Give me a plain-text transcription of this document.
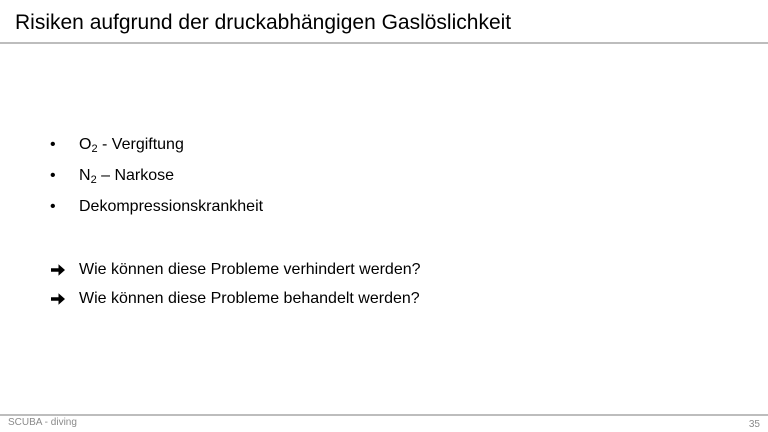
Risiken aufgrund der druckabhängigen Gaslöslichkeit
•	$O_2$ - Vergiftung
•	$N_2$ – Narkose
•	Dekompressionskrankheit
Wie können diese Probleme verhindert werden?
Wie können diese Probleme behandelt werden?
SCUBA - diving	35
